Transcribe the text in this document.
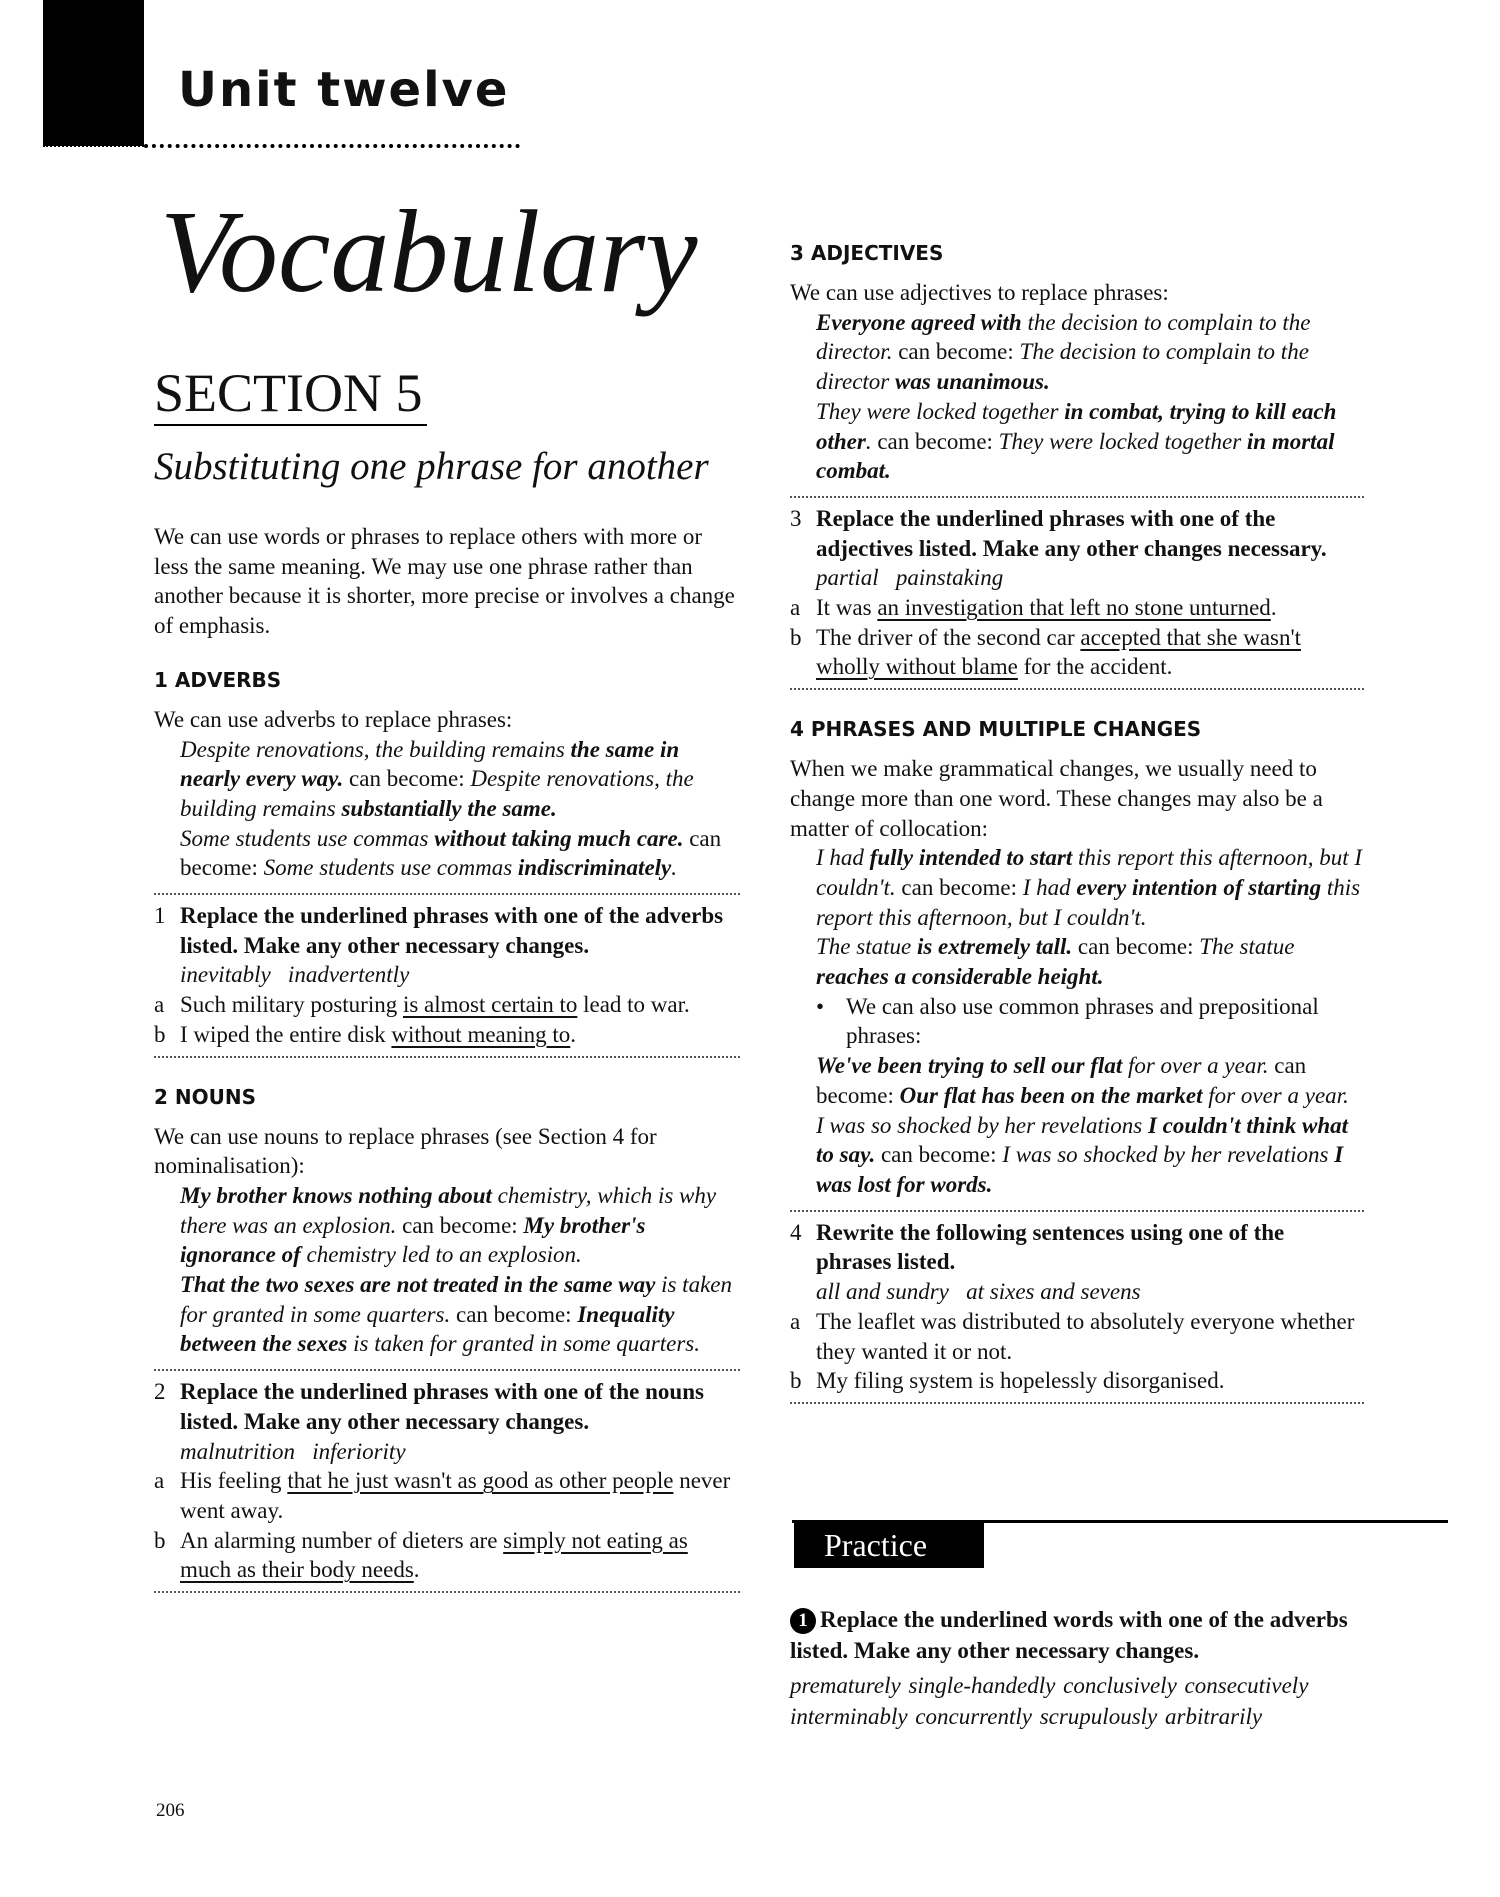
Unit twelve
Vocabulary
SECTION 5
Substituting one phrase for another

We can use words or phrases to replace others with more or less the same meaning. We may use one phrase rather than another because it is shorter, more precise or involves a change of emphasis.

1 ADVERBS

We can use adverbs to replace phrases:

Despite renovations, the building remains the same in nearly every way. can become: Despite renovations, the building remains substantially the same.
Some students use commas without taking much care. can become: Some students use commas indiscriminately.
1 Replace the underlined phrases with one of the adverbs listed. Make any other necessary changes.
inevitably   inadvertently
a Such military posturing is almost certain to lead to war.
b I wiped the entire disk without meaning to.
2 NOUNS

We can use nouns to replace phrases (see Section 4 for nominalisation):

My brother knows nothing about chemistry, which is why there was an explosion. can become: My brother's ignorance of chemistry led to an explosion.
That the two sexes are not treated in the same way is taken for granted in some quarters. can become: Inequality between the sexes is taken for granted in some quarters.
2 Replace the underlined phrases with one of the nouns listed. Make any other necessary changes.
malnutrition   inferiority
a His feeling that he just wasn't as good as other people never went away.
b An alarming number of dieters are simply not eating as much as their body needs.
3 ADJECTIVES

We can use adjectives to replace phrases:

Everyone agreed with the decision to complain to the director. can become: The decision to complain to the director was unanimous.
They were locked together in combat, trying to kill each other. can become: They were locked together in mortal combat.
3 Replace the underlined phrases with one of the adjectives listed. Make any other changes necessary.
partial   painstaking
a It was an investigation that left no stone unturned.
b The driver of the second car accepted that she wasn't wholly without blame for the accident.
4 PHRASES AND MULTIPLE CHANGES

When we make grammatical changes, we usually need to change more than one word. These changes may also be a matter of collocation:

I had fully intended to start this report this afternoon, but I couldn't. can become: I had every intention of starting this report this afternoon, but I couldn't.
The statue is extremely tall. can become: The statue reaches a considerable height.
• We can also use common phrases and prepositional phrases:
We've been trying to sell our flat for over a year. can become: Our flat has been on the market for over a year.
I was so shocked by her revelations I couldn't think what to say. can become: I was so shocked by her revelations I was lost for words.
4 Rewrite the following sentences using one of the phrases listed.
all and sundry   at sixes and sevens
a The leaflet was distributed to absolutely everyone whether they wanted it or not.
b My filing system is hopelessly disorganised.
Practice
1 Replace the underlined words with one of the adverbs listed. Make any other necessary changes.
prematurely single-handedly conclusively consecutively interminably concurrently scrupulously arbitrarily
206
